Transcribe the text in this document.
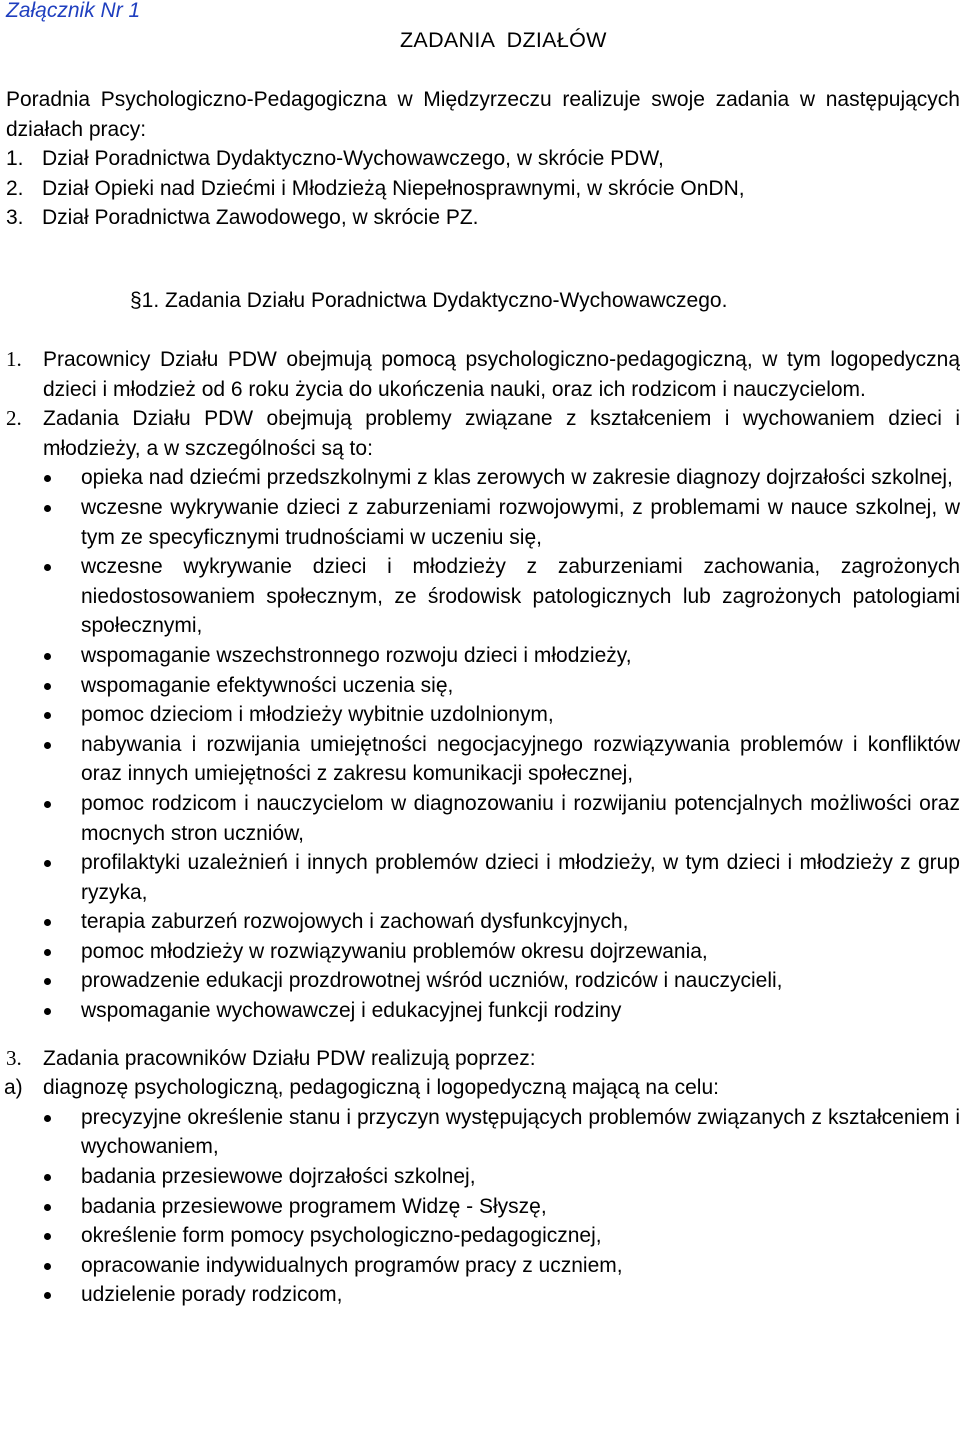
Załącznik Nr 1
ZADANIA  DZIAŁÓW

Poradnia Psychologiczno-Pedagogiczna w Międzyrzeczu realizuje swoje zadania w następujących działach pracy:

1. Dział Poradnictwa Dydaktyczno-Wychowawczego, w skrócie PDW,
2. Dział Opieki nad Dziećmi i Młodzieżą Niepełnosprawnymi, w skrócie OnDN,
3. Dział Poradnictwa Zawodowego, w skrócie PZ.
§1. Zadania Działu Poradnictwa Dydaktyczno-Wychowawczego.
1.	Pracownicy Działu PDW obejmują pomocą psychologiczno-pedagogiczną, w tym logopedyczną dzieci i młodzież od 6 roku życia do ukończenia nauki, oraz ich rodzicom i nauczycielom.
2.	Zadania Działu PDW obejmują problemy związane z kształceniem i wychowaniem dzieci i młodzieży, a w szczególności są to:
opieka nad dziećmi przedszkolnymi z klas zerowych w zakresie diagnozy dojrzałości szkolnej,
wczesne wykrywanie dzieci z zaburzeniami rozwojowymi, z problemami w nauce szkolnej, w tym ze specyficznymi trudnościami w uczeniu się,
wczesne wykrywanie dzieci i młodzieży z zaburzeniami zachowania, zagrożonych niedostosowaniem społecznym, ze środowisk patologicznych lub zagrożonych patologiami społecznymi,
wspomaganie wszechstronnego rozwoju dzieci i młodzieży,
wspomaganie efektywności uczenia się,
pomoc dzieciom i młodzieży wybitnie uzdolnionym,
nabywania i rozwijania umiejętności negocjacyjnego rozwiązywania problemów i konfliktów oraz innych umiejętności z zakresu komunikacji społecznej,
pomoc rodzicom i nauczycielom w diagnozowaniu i rozwijaniu potencjalnych możliwości oraz mocnych stron uczniów,
profilaktyki uzależnień i innych problemów dzieci i młodzieży, w tym dzieci i młodzieży z grup ryzyka,
terapia zaburzeń rozwojowych i zachowań dysfunkcyjnych,
pomoc młodzieży w rozwiązywaniu problemów okresu dojrzewania,
prowadzenie edukacji prozdrowotnej wśród uczniów, rodziców i nauczycieli,
wspomaganie wychowawczej i edukacyjnej funkcji rodziny
3.	Zadania pracowników Działu PDW realizują poprzez:
a) diagnozę psychologiczną, pedagogiczną i logopedyczną mającą na celu:
precyzyjne określenie stanu i przyczyn występujących problemów związanych z kształceniem i wychowaniem,
badania przesiewowe dojrzałości szkolnej,
badania przesiewowe programem Widzę - Słyszę,
określenie form pomocy psychologiczno-pedagogicznej,
opracowanie indywidualnych programów pracy z uczniem,
udzielenie porady rodzicom,
